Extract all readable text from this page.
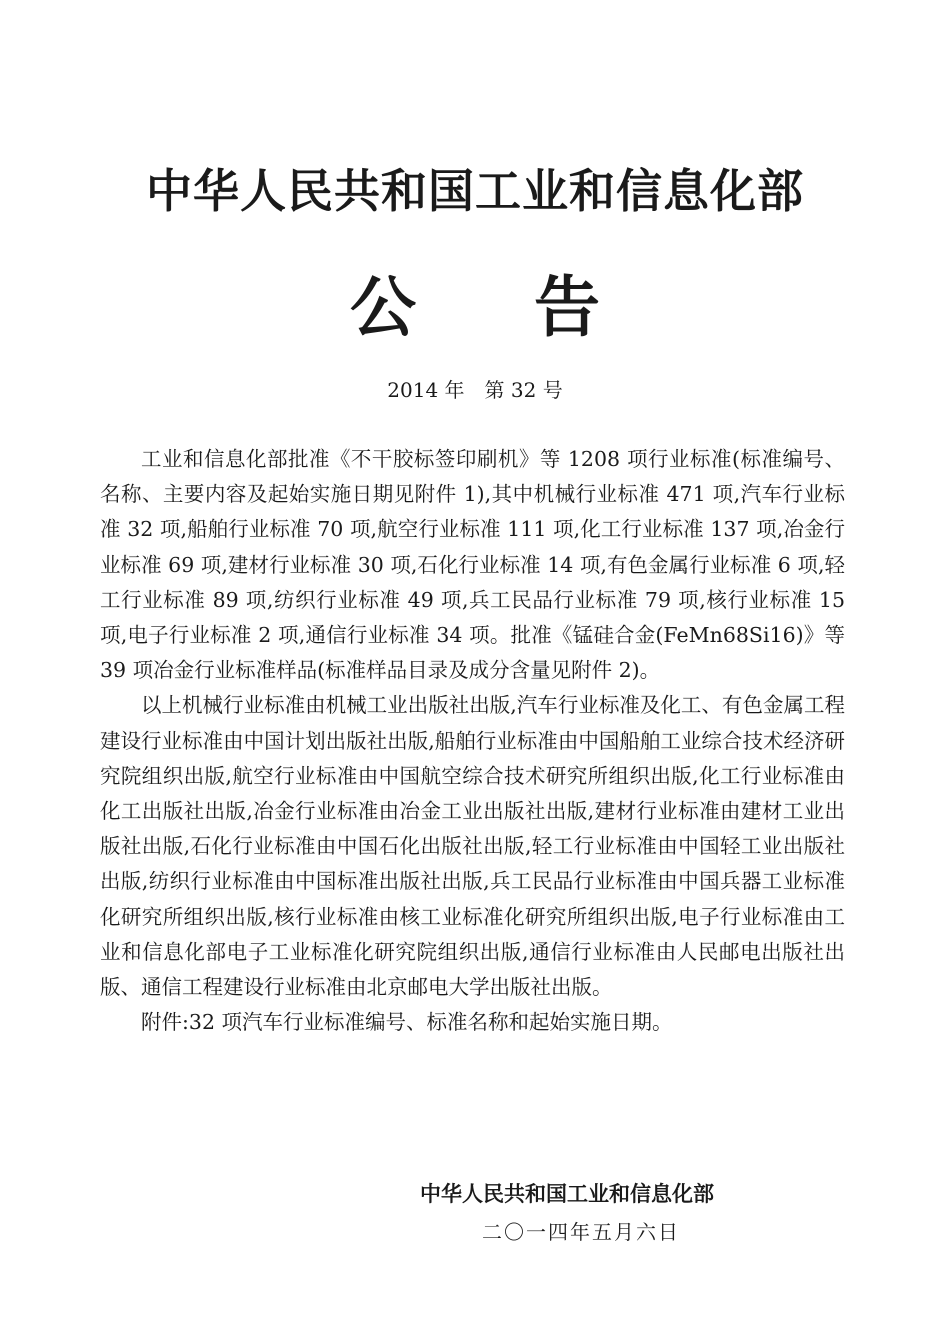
中华人民共和国工业和信息化部
公 告
2014 年　第 32 号

工业和信息化部批准《不干胶标签印刷机》等 1208 项行业标准(标准编号、名称、主要内容及起始实施日期见附件 1),其中机械行业标准 471 项,汽车行业标准 32 项,船舶行业标准 70 项,航空行业标准 111 项,化工行业标准 137 项,冶金行业标准 69 项,建材行业标准 30 项,石化行业标准 14 项,有色金属行业标准 6 项,轻工行业标准 89 项,纺织行业标准 49 项,兵工民品行业标准 79 项,核行业标准 15 项,电子行业标准 2 项,通信行业标准 34 项。批准《锰硅合金(FeMn68Si16)》等 39 项冶金行业标准样品(标准样品目录及成分含量见附件 2)。

以上机械行业标准由机械工业出版社出版,汽车行业标准及化工、有色金属工程建设行业标准由中国计划出版社出版,船舶行业标准由中国船舶工业综合技术经济研究院组织出版,航空行业标准由中国航空综合技术研究所组织出版,化工行业标准由化工出版社出版,冶金行业标准由冶金工业出版社出版,建材行业标准由建材工业出版社出版,石化行业标准由中国石化出版社出版,轻工行业标准由中国轻工业出版社出版,纺织行业标准由中国标准出版社出版,兵工民品行业标准由中国兵器工业标准化研究所组织出版,核行业标准由核工业标准化研究所组织出版,电子行业标准由工业和信息化部电子工业标准化研究院组织出版,通信行业标准由人民邮电出版社出版、通信工程建设行业标准由北京邮电大学出版社出版。

附件:32 项汽车行业标准编号、标准名称和起始实施日期。

中华人民共和国工业和信息化部
二〇一四年五月六日
